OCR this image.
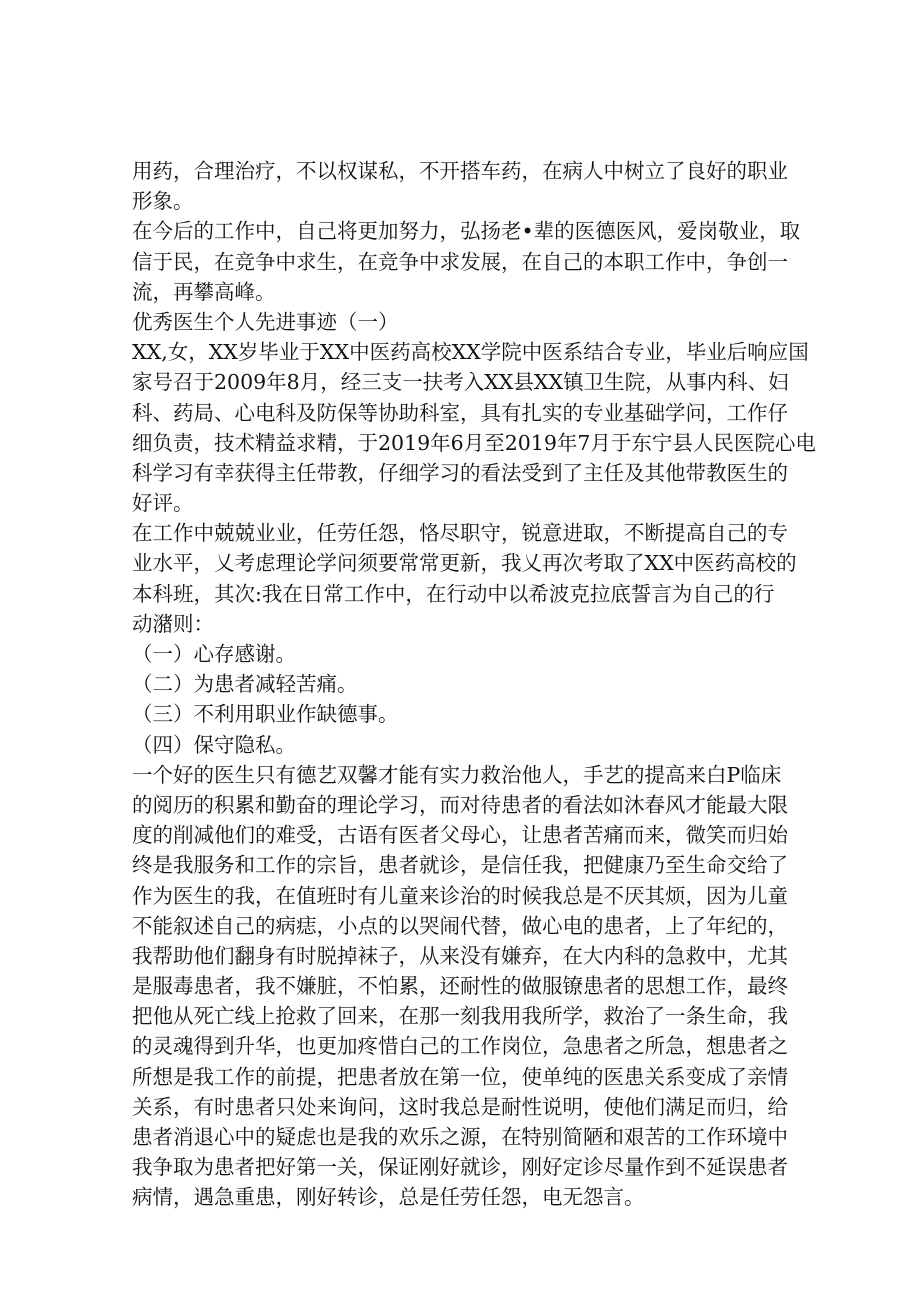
用药，合理治疗，不以权谋私，不开搭车药，在病人中树立了良好的职业
形象。
在今后的工作中，自己将更加努力，弘扬老•辈的医德医风，爱岗敬业，取
信于民，在竞争中求生，在竞争中求发展，在自己的本职工作中，争创一
流，再攀高峰。
优秀医生个人先进事迹（一）
XX,女，XX岁毕业于XX中医药高校XX学院中医系结合专业，毕业后响应国
家号召于2009年8月，经三支一扶考入XX县XX镇卫生院，从事内科、妇
科、药局、心电科及防保等协助科室，具有扎实的专业基础学问，工作仔
细负责，技术精益求精，于2019年6月至2019年7月于东宁县人民医院心电
科学习有幸获得主任带教，仔细学习的看法受到了主任及其他带教医生的
好评。
在工作中兢兢业业，任劳任怨，恪尽职守，锐意进取，不断提高自己的专
业水平，乂考虑理论学问须要常常更新，我乂再次考取了XX中医药高校的
本科班，其次:我在日常工作中，在行动中以希波克拉底誓言为自己的行
动潴则：
（一）心存感谢。
（二）为患者减轻苦痛。
（三）不利用职业作缺德事。
（四）保守隐私。
一个好的医生只有德艺双馨才能有实力救治他人，手艺的提高来白P临床
的阅历的积累和勤奋的理论学习，而对待患者的看法如沐春风才能最大限
度的削减他们的难受，古语有医者父母心，让患者苦痛而来，微笑而归始
终是我服务和工作的宗旨，患者就诊，是信任我，把健康乃至生命交给了
作为医生的我，在值班时有儿童来诊治的时候我总是不厌其烦，因为儿童
不能叙述自己的病痣，小点的以哭闹代替，做心电的患者，上了年纪的，
我帮助他们翻身有时脱掉袜子，从来没有嫌弃，在大内科的急救中，尤其
是服毒患者，我不嫌脏，不怕累，还耐性的做服镣患者的思想工作，最终
把他从死亡线上抢救了回来，在那一刻我用我所学，救治了一条生命，我
的灵魂得到升华，也更加疼惜白己的工作岗位，急患者之所急，想患者之
所想是我工作的前提，把患者放在第一位，使单纯的医患关系变成了亲情
关系，有时患者只处来询问，这时我总是耐性说明，使他们满足而归，给
患者消退心中的疑虑也是我的欢乐之源，在特别简陋和艰苦的工作环境中
我争取为患者把好第一关，保证刚好就诊，刚好定诊尽量作到不延误患者
病情，遇急重患，刚好转诊，总是任劳任怨，电无怨言。
